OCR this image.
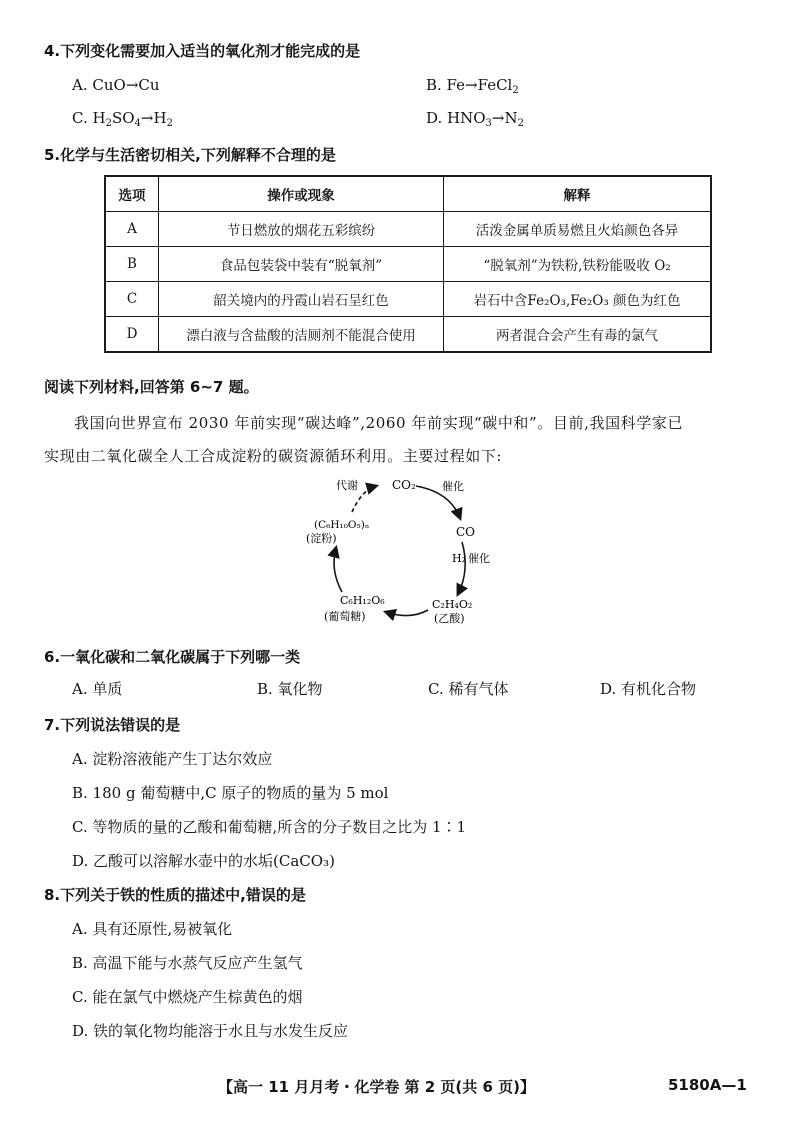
4.下列变化需要加入适当的氧化剂才能完成的是
A. CuO→Cu	B. Fe→FeCl$_2$
C. $H_2SO_4\to H_2$	D. $HNO_3\to N_2$
5.化学与生活密切相关,下列解释不合理的是
选项	操作或现象	解释
A	节日燃放的烟花五彩缤纷	活泼金属单质易燃且火焰颜色各异
B	食品包装袋中装有“脱氧剂”	“脱氧剂”为铁粉,铁粉能吸收 O₂
C	韶关境内的丹霞山岩石呈红色	岩石中含Fe₂O₃,Fe₂O₃ 颜色为红色
D	漂白液与含盐酸的洁厕剂不能混合使用	两者混合会产生有毒的氯气
阅读下列材料,回答第 6~7 题。
我国向世界宣布 2030 年前实现“碳达峰”,2060 年前实现“碳中和”。目前,我国科学家已
实现由二氧化碳全人工合成淀粉的碳资源循环利用。主要过程如下:
CO₂
代谢	催化
CO
H₂ 催化
C₂H₄O₂
(乙酸)
C₆H₁₂O₆
(葡萄糖)
(C₆H₁₀O₅)ₙ
(淀粉)
6.一氧化碳和二氧化碳属于下列哪一类
A. 单质	B. 氧化物	C. 稀有气体	D. 有机化合物
7.下列说法错误的是
A. 淀粉溶液能产生丁达尔效应
B. 180 g 葡萄糖中,C 原子的物质的量为 5 mol
C. 等物质的量的乙酸和葡萄糖,所含的分子数目之比为 1∶1
D. 乙酸可以溶解水壶中的水垢(CaCO₃)
8.下列关于铁的性质的描述中,错误的是
A. 具有还原性,易被氧化
B. 高温下能与水蒸气反应产生氢气
C. 能在氯气中燃烧产生棕黄色的烟
D. 铁的氧化物均能溶于水且与水发生反应
【高一 11 月月考・化学卷 第 2 页(共 6 页)】	5180A—1
